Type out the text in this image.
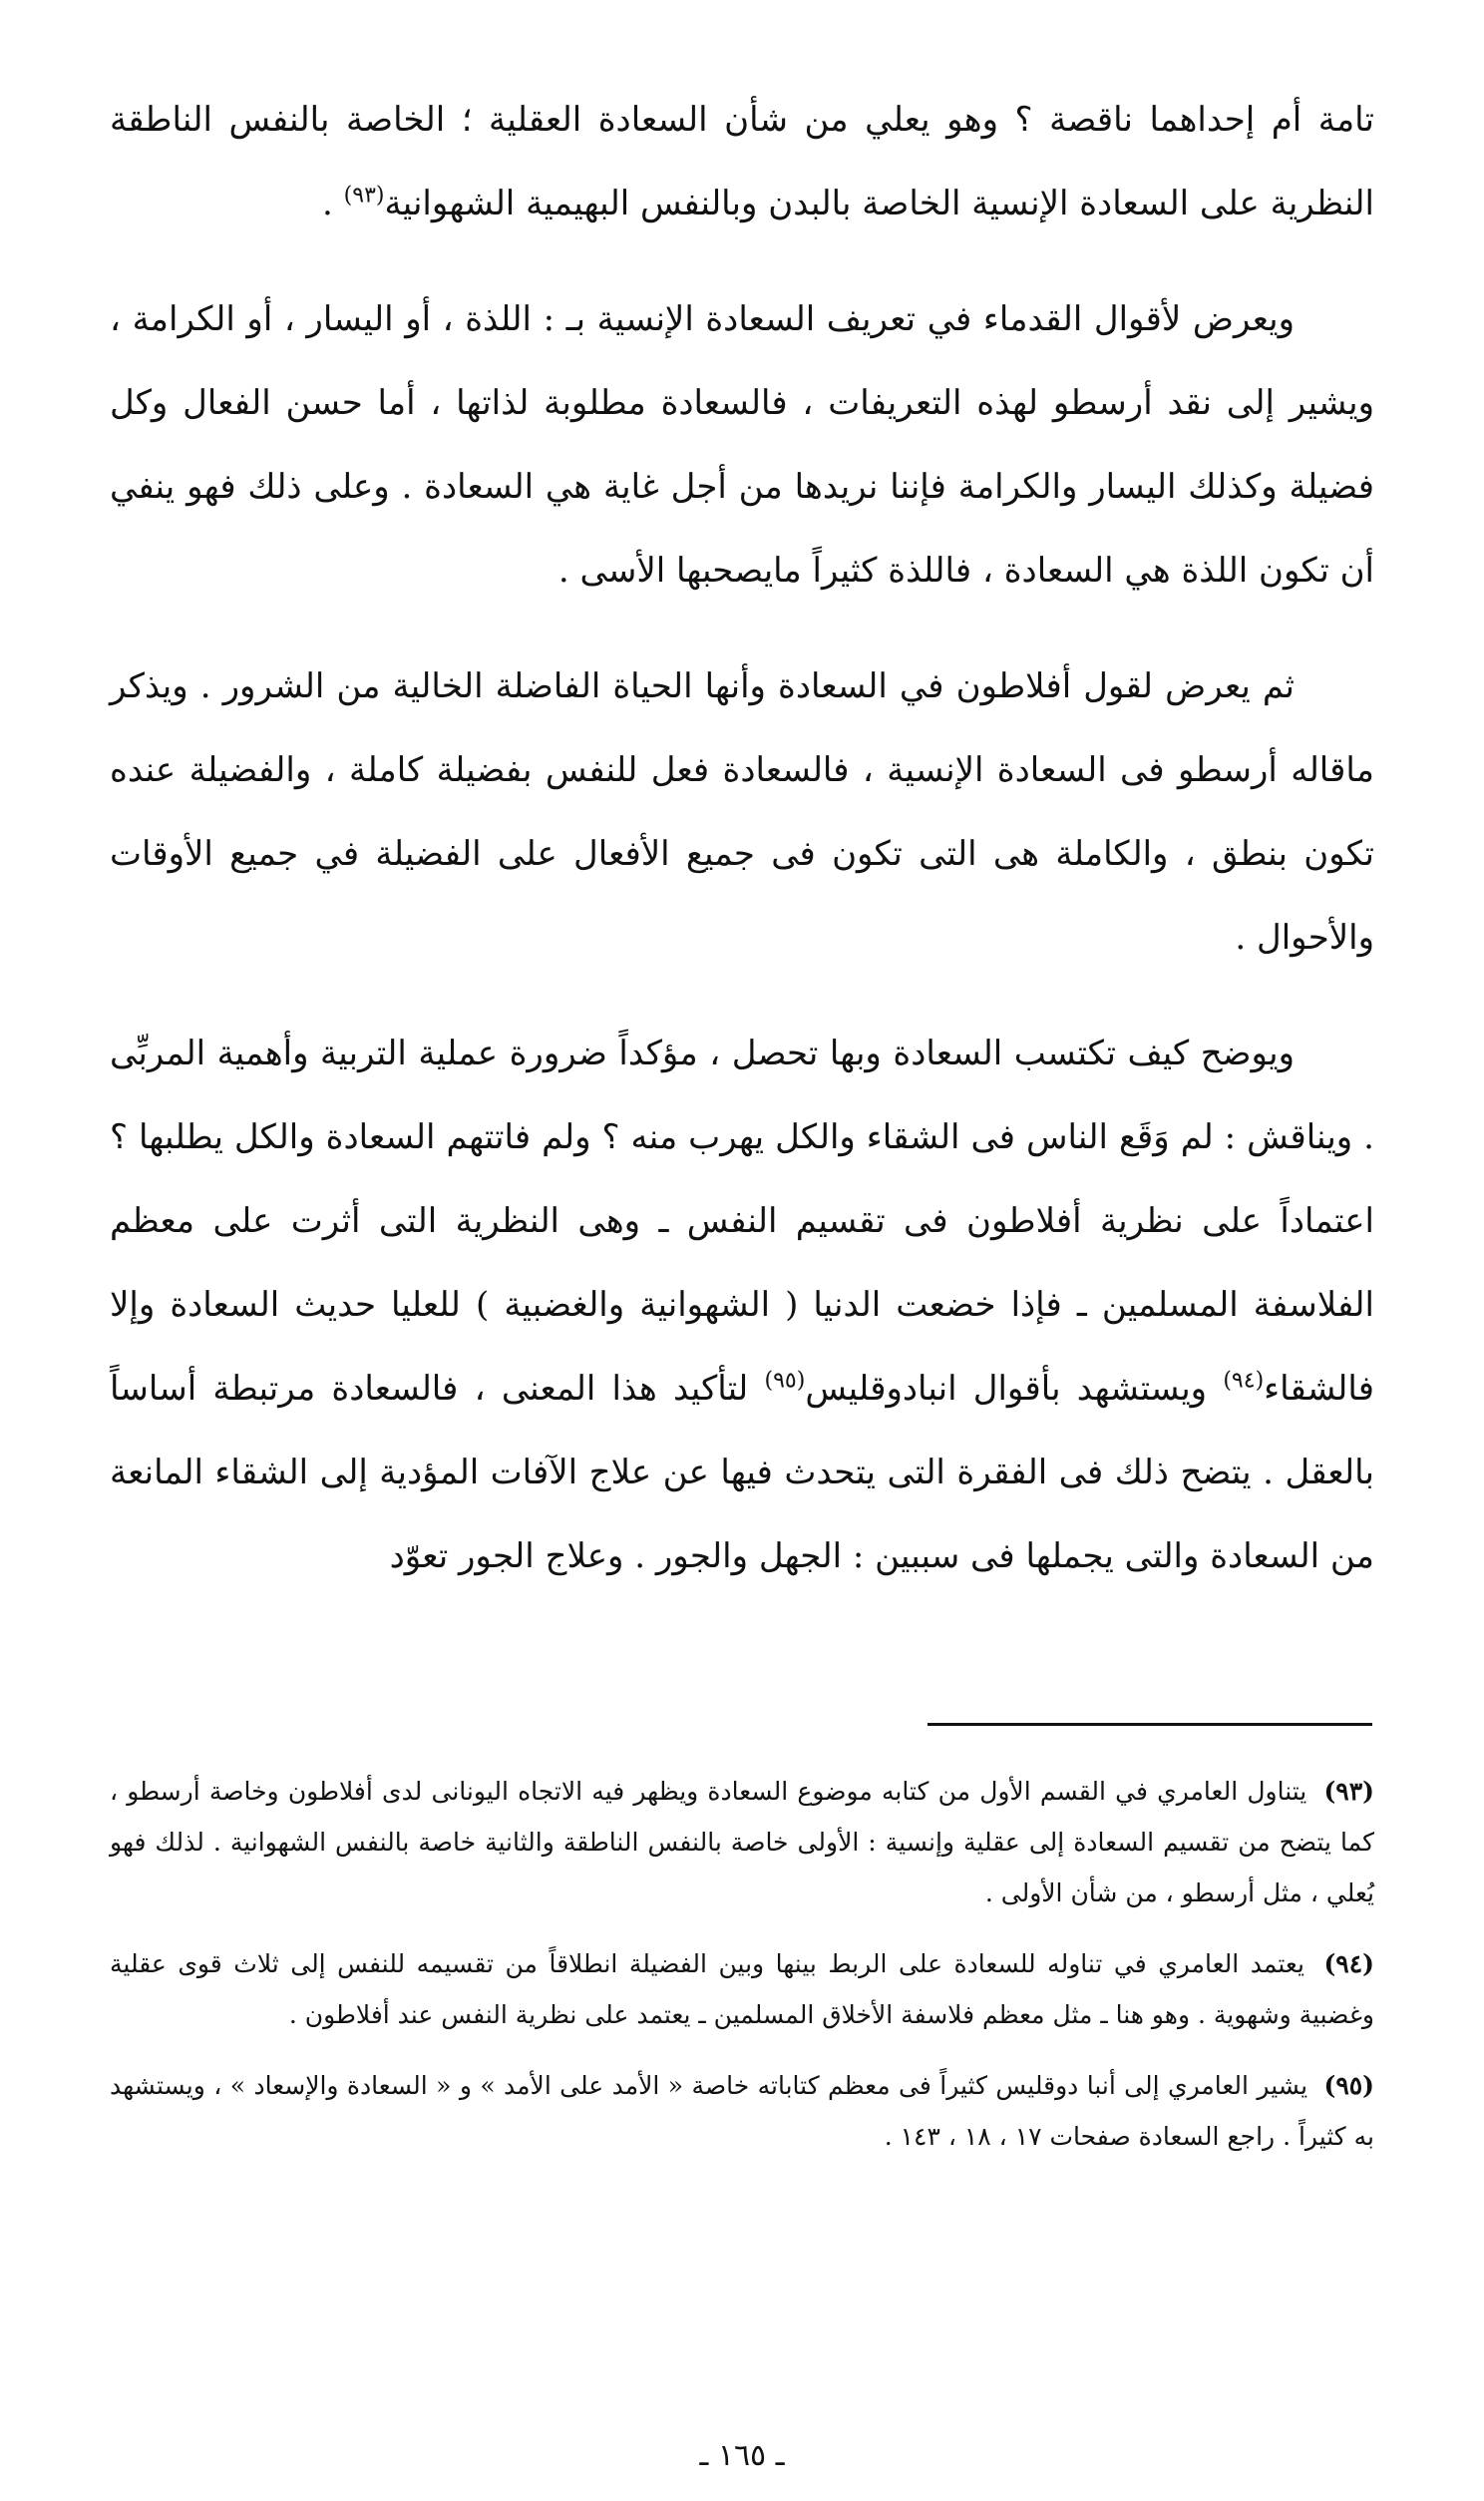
تامة أم إحداهما ناقصة ؟ وهو يعلي من شأن السعادة العقلية ؛ الخاصة بالنفس الناطقة النظرية على السعادة الإنسية الخاصة بالبدن وبالنفس البهيمية الشهوانية$^{(٩٣)}$ .

ويعرض لأقوال القدماء في تعريف السعادة الإنسية بـ : اللذة ، أو اليسار ، أو الكرامة ، ويشير إلى نقد أرسطو لهذه التعريفات ، فالسعادة مطلوبة لذاتها ، أما حسن الفعال وكل فضيلة وكذلك اليسار والكرامة فإننا نريدها من أجل غاية هي السعادة . وعلى ذلك فهو ينفي أن تكون اللذة هي السعادة ، فاللذة كثيراً مايصحبها الأسى .

ثم يعرض لقول أفلاطون في السعادة وأنها الحياة الفاضلة الخالية من الشرور . ويذكر ماقاله أرسطو فى السعادة الإنسية ، فالسعادة فعل للنفس بفضيلة كاملة ، والفضيلة عنده تكون بنطق ، والكاملة هى التى تكون فى جميع الأفعال على الفضيلة في جميع الأوقات والأحوال .

ويوضح كيف تكتسب السعادة وبها تحصل ، مؤكداً ضرورة عملية التربية وأهمية المربِّى . ويناقش : لم وَقَع الناس فى الشقاء والكل يهرب منه ؟ ولم فاتتهم السعادة والكل يطلبها ؟ اعتماداً على نظرية أفلاطون فى تقسيم النفس ـ وهى النظرية التى أثرت على معظم الفلاسفة المسلمين ـ فإذا خضعت الدنيا ( الشهوانية والغضبية ) للعليا حديث السعادة وإلا فالشقاء$^{(٩٤)}$ ويستشهد بأقوال انبادوقليس$^{(٩٥)}$ لتأكيد هذا المعنى ، فالسعادة مرتبطة أساساً بالعقل . يتضح ذلك فى الفقرة التى يتحدث فيها عن علاج الآفات المؤدية إلى الشقاء المانعة من السعادة والتى يجملها فى سببين : الجهل والجور . وعلاج الجور تعوّد

(٩٣) يتناول العامري في القسم الأول من كتابه موضوع السعادة ويظهر فيه الاتجاه اليونانى لدى أفلاطون وخاصة أرسطو ، كما يتضح من تقسيم السعادة إلى عقلية وإنسية : الأولى خاصة بالنفس الناطقة والثانية خاصة بالنفس الشهوانية . لذلك فهو يُعلي ، مثل أرسطو ، من شأن الأولى .

(٩٤) يعتمد العامري في تناوله للسعادة على الربط بينها وبين الفضيلة انطلاقاً من تقسيمه للنفس إلى ثلاث قوى عقلية وغضبية وشهوية . وهو هنا ـ مثل معظم فلاسفة الأخلاق المسلمين ـ يعتمد على نظرية النفس عند أفلاطون .

(٩٥) يشير العامري إلى أنبا دوقليس كثيراً فى معظم كتاباته خاصة « الأمد على الأمد » و « السعادة والإسعاد » ، ويستشهد به كثيراً . راجع السعادة صفحات ١٧ ، ١٨ ، ١٤٣ .

ـ ١٦٥ ـ
